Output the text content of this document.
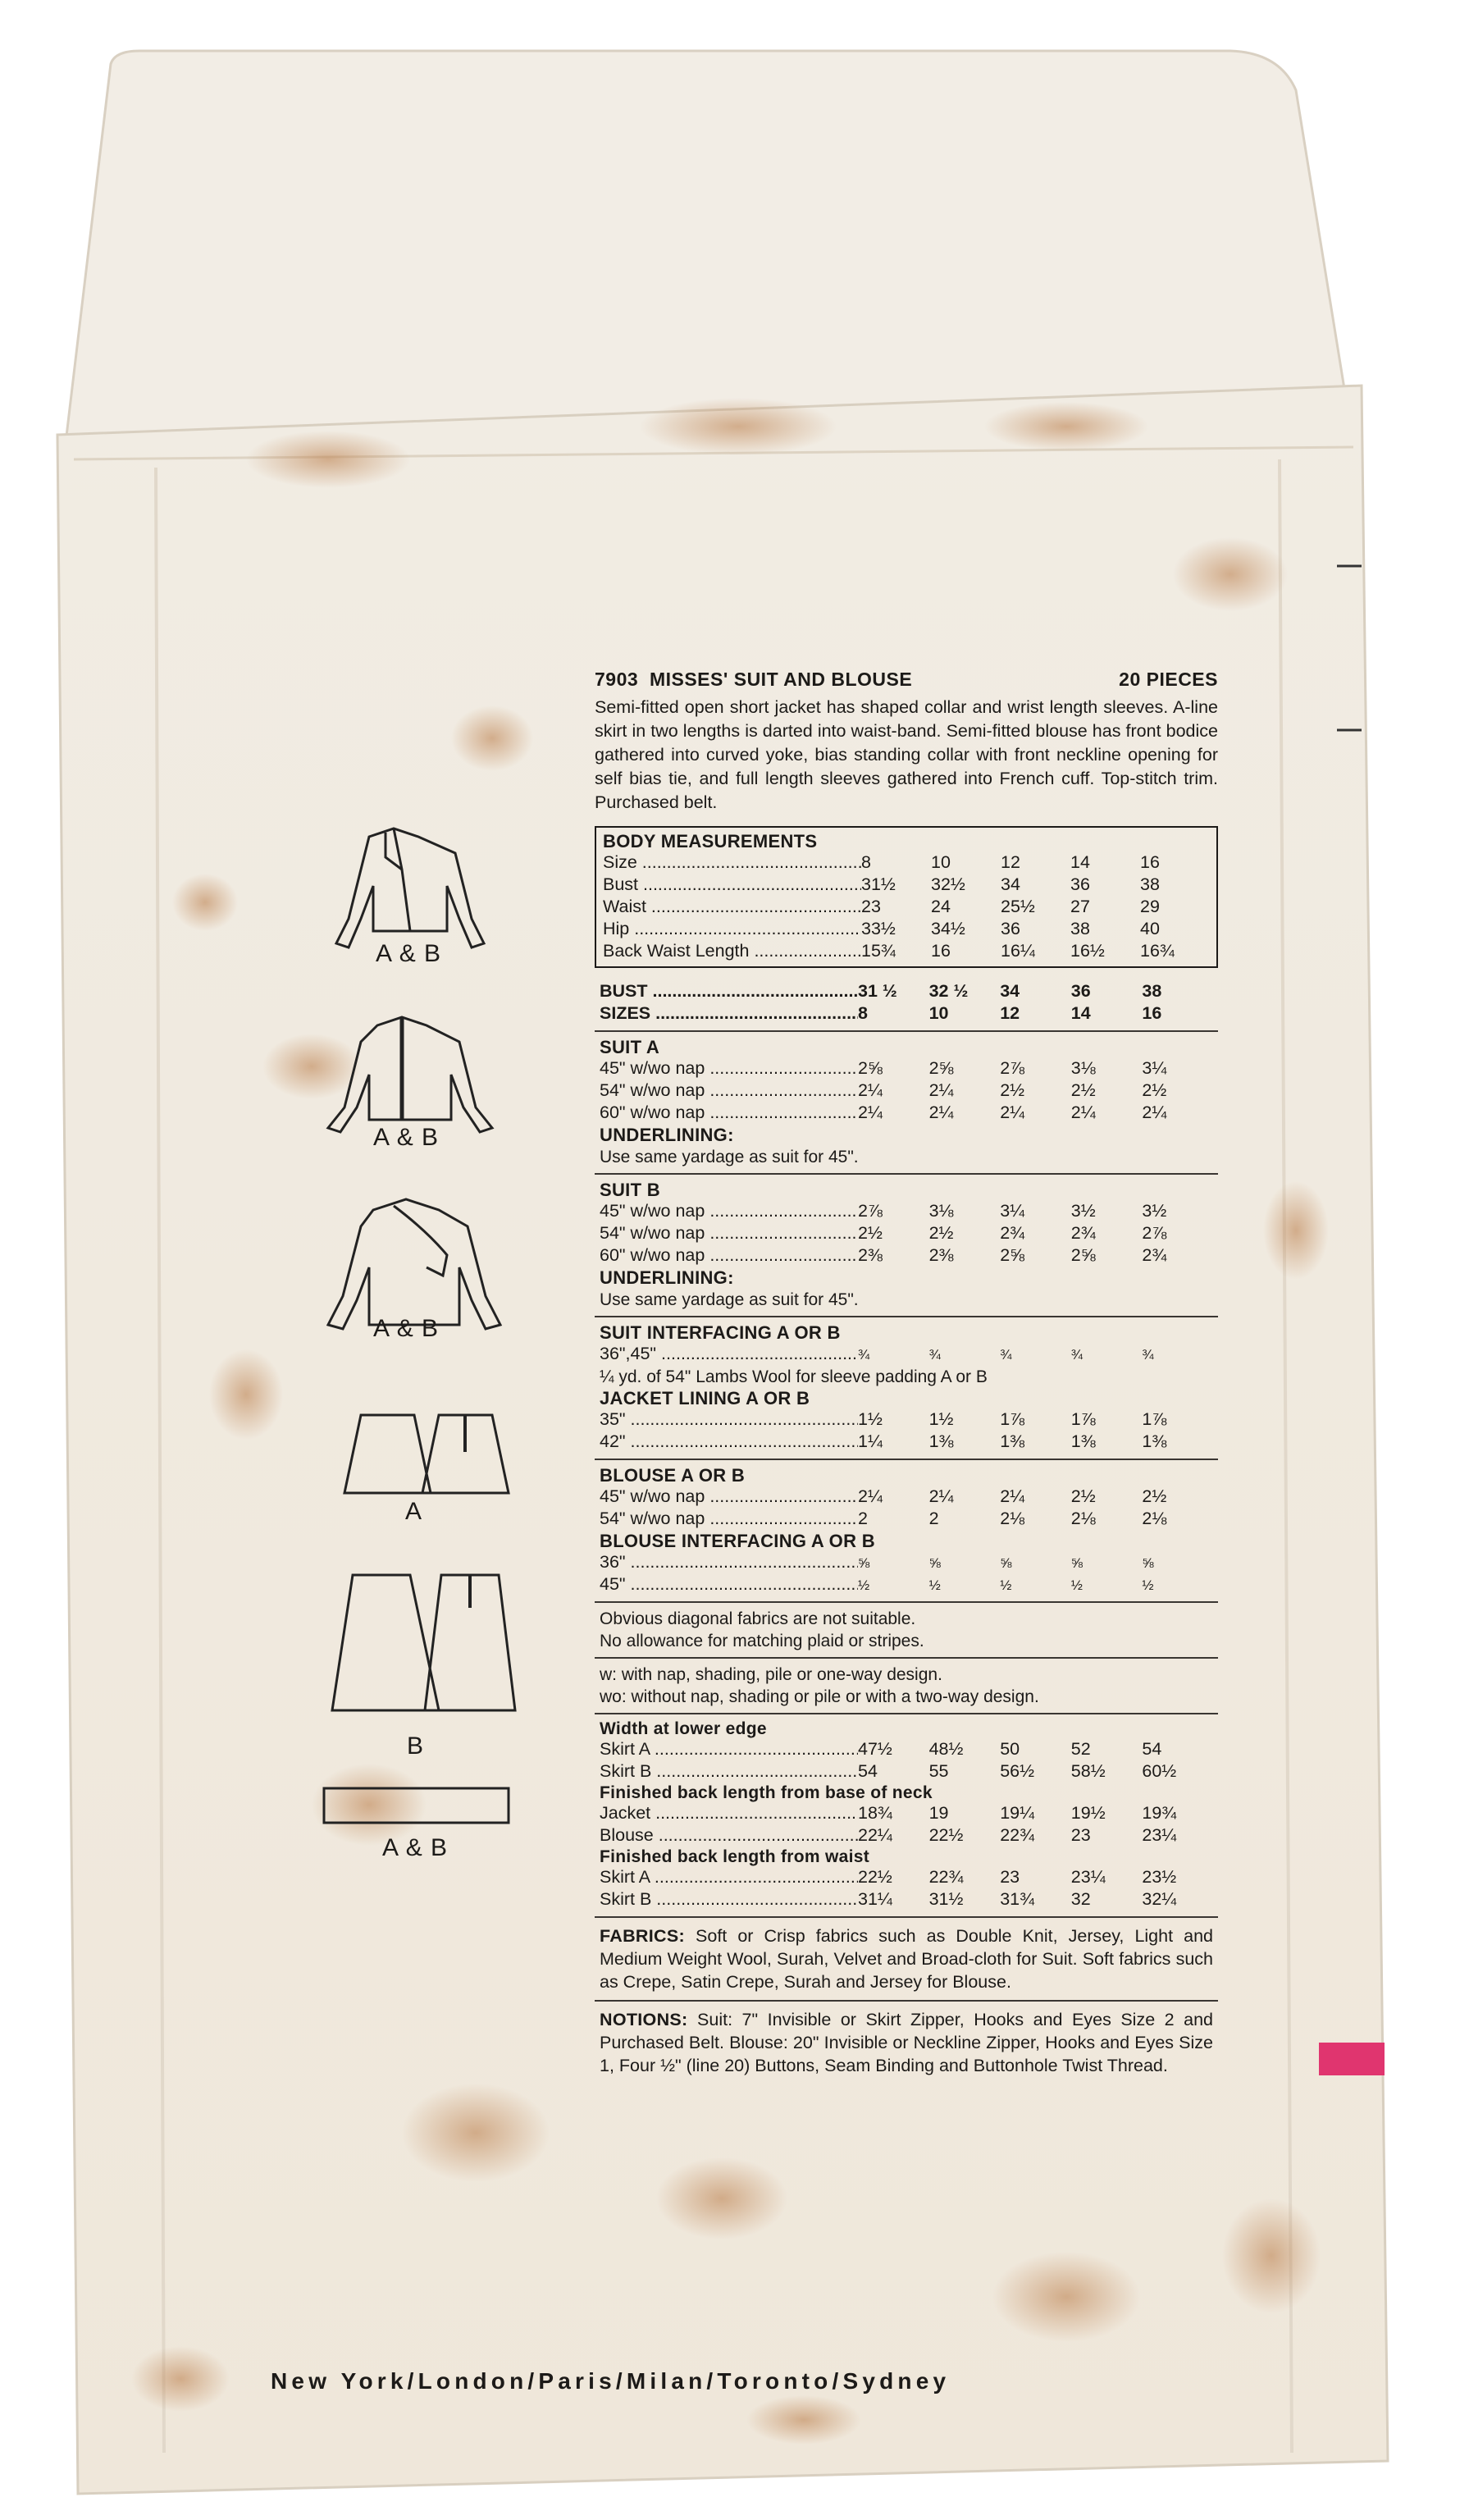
A & B
A & B
A & B
A
B
A & B
7903 MISSES' SUIT AND BLOUSE	20 PIECES
Semi-fitted open short jacket has shaped collar and wrist length sleeves. A-line skirt in two lengths is darted into waist-band. Semi-fitted blouse has front bodice gathered into curved yoke, bias standing collar with front neckline opening for self bias tie, and full length sleeves gathered into French cuff. Top-stitch trim. Purchased belt.
BODY MEASUREMENTS
Size .....	8	10	12	14	16
Bust .....	31½	32½	34	36	38
Waist .....	23	24	25½	27	29
Hip .....	33½	34½	36	38	40
Back Waist Length .....	15¾	16	16¼	16½	16¾
BUST .....	31 ½	32 ½	34	36	38
SIZES .....	8	10	12	14	16
SUIT A
45" w/wo nap .....	2⅝	2⅝	2⅞	3⅛	3¼
54" w/wo nap .....	2¼	2¼	2½	2½	2½
60" w/wo nap .....	2¼	2¼	2¼	2¼	2¼
UNDERLINING:
Use same yardage as suit for 45".
SUIT B
45" w/wo nap .....	2⅞	3⅛	3¼	3½	3½
54" w/wo nap .....	2½	2½	2¾	2¾	2⅞
60" w/wo nap .....	2⅜	2⅜	2⅝	2⅝	2¾
UNDERLINING:
Use same yardage as suit for 45".
SUIT INTERFACING A OR B
36",45" .....	¾	¾	¾	¾	¾
¼ yd. of 54" Lambs Wool for sleeve padding A or B
JACKET LINING A OR B
35" .....	1½	1½	1⅞	1⅞	1⅞
42" .....	1¼	1⅜	1⅜	1⅜	1⅜
BLOUSE A OR B
45" w/wo nap .....	2¼	2¼	2¼	2½	2½
54" w/wo nap .....	2	2	2⅛	2⅛	2⅛
BLOUSE INTERFACING A OR B
36" .....	⅝	⅝	⅝	⅝	⅝
45" .....	½	½	½	½	½
Obvious diagonal fabrics are not suitable.
No allowance for matching plaid or stripes.
w: with nap, shading, pile or one-way design.
wo: without nap, shading or pile or with a two-way design.
Width at lower edge
Skirt A .....	47½	48½	50	52	54
Skirt B .....	54	55	56½	58½	60½
Finished back length from base of neck
Jacket .....	18¾	19	19¼	19½	19¾
Blouse .....	22¼	22½	22¾	23	23¼
Finished back length from waist
Skirt A .....	22½	22¾	23	23¼	23½
Skirt B .....	31¼	31½	31¾	32	32¼
FABRICS: Soft or Crisp fabrics such as Double Knit, Jersey, Light and Medium Weight Wool, Surah, Velvet and Broad-cloth for Suit. Soft fabrics such as Crepe, Satin Crepe, Surah and Jersey for Blouse.
NOTIONS: Suit: 7" Invisible or Skirt Zipper, Hooks and Eyes Size 2 and Purchased Belt. Blouse: 20" Invisible or Neckline Zipper, Hooks and Eyes Size 1, Four ½" (line 20) Buttons, Seam Binding and Buttonhole Twist Thread.
New York/London/Paris/Milan/Toronto/Sydney
